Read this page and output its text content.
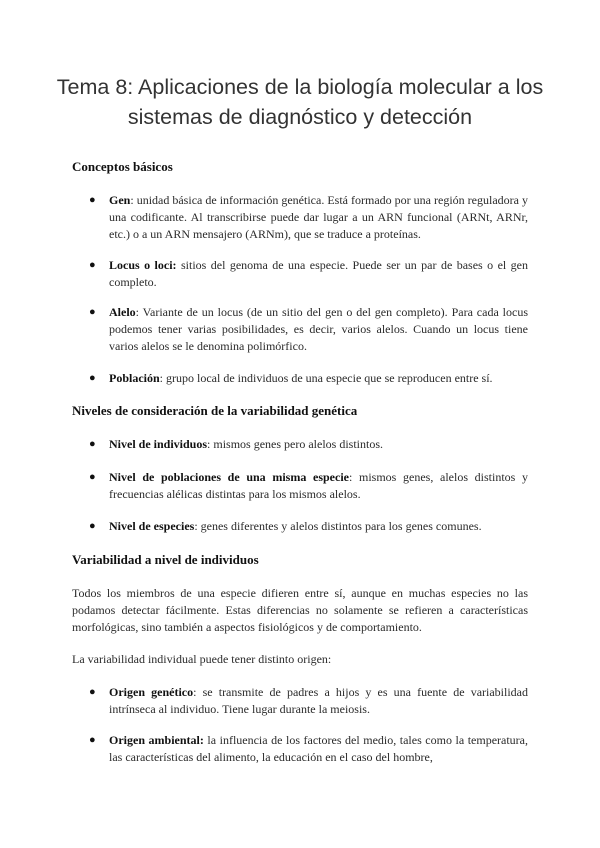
Tema 8: Aplicaciones de la biología molecular a los
sistemas de diagnóstico y detección
Conceptos básicos
● Gen: unidad básica de información genética. Está formado por una región reguladora y una codificante. Al transcribirse puede dar lugar a un ARN funcional (ARNt, ARNr, etc.) o a un ARN mensajero (ARNm), que se traduce a proteínas.
● Locus o loci: sitios del genoma de una especie. Puede ser un par de bases o el gen completo.
● Alelo: Variante de un locus (de un sitio del gen o del gen completo). Para cada locus podemos tener varias posibilidades, es decir, varios alelos. Cuando un locus tiene varios alelos se le denomina polimórfico.
● Población: grupo local de individuos de una especie que se reproducen entre sí.
Niveles de consideración de la variabilidad genética
● Nivel de individuos: mismos genes pero alelos distintos.
● Nivel de poblaciones de una misma especie: mismos genes, alelos distintos y frecuencias alélicas distintas para los mismos alelos.
● Nivel de especies: genes diferentes y alelos distintos para los genes comunes.
Variabilidad a nivel de individuos

Todos los miembros de una especie difieren entre sí, aunque en muchas especies no las podamos detectar fácilmente. Estas diferencias no solamente se refieren a características morfológicas, sino también a aspectos fisiológicos y de comportamiento.

La variabilidad individual puede tener distinto origen:

● Origen genético: se transmite de padres a hijos y es una fuente de variabilidad intrínseca al individuo. Tiene lugar durante la meiosis.
● Origen ambiental: la influencia de los factores del medio, tales como la temperatura, las características del alimento, la educación en el caso del hombre,
